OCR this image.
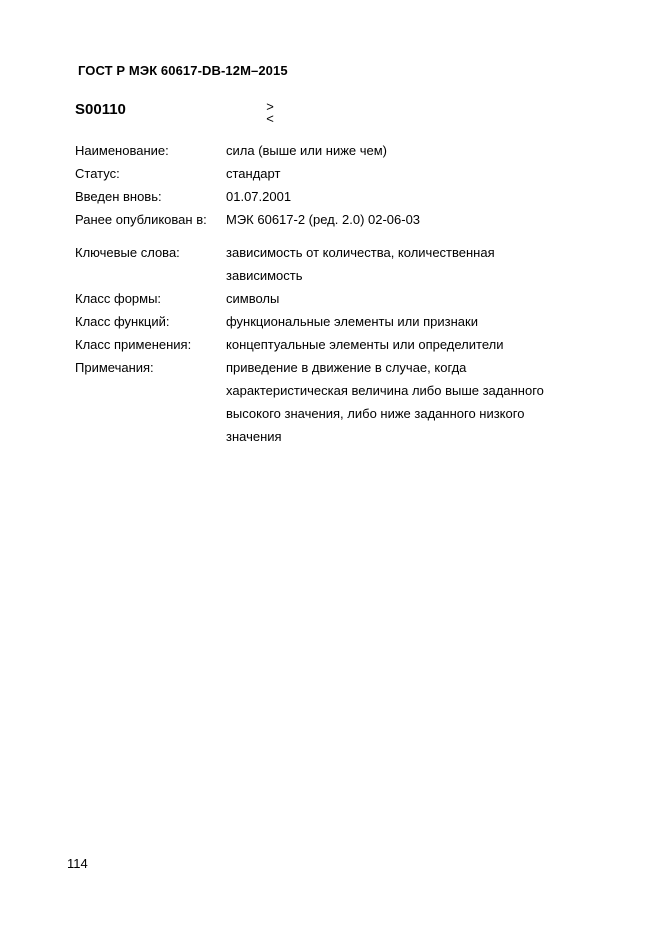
ГОСТ Р МЭК 60617-DB-12M–2015
S00110	>
<
Наименование:	сила (выше или ниже чем)
Статус:	стандарт
Введен вновь:	01.07.2001
Ранее опубликован в:	МЭК 60617-2 (ред. 2.0) 02-06-03
Ключевые слова:	зависимость от количества, количественная
зависимость
Класс формы:	символы
Класс функций:	функциональные элементы или признаки
Класс применения:	концептуальные элементы или определители
Примечания:	приведение в движение в случае, когда
характеристическая величина либо выше заданного
высокого значения, либо ниже заданного низкого
значения
114
